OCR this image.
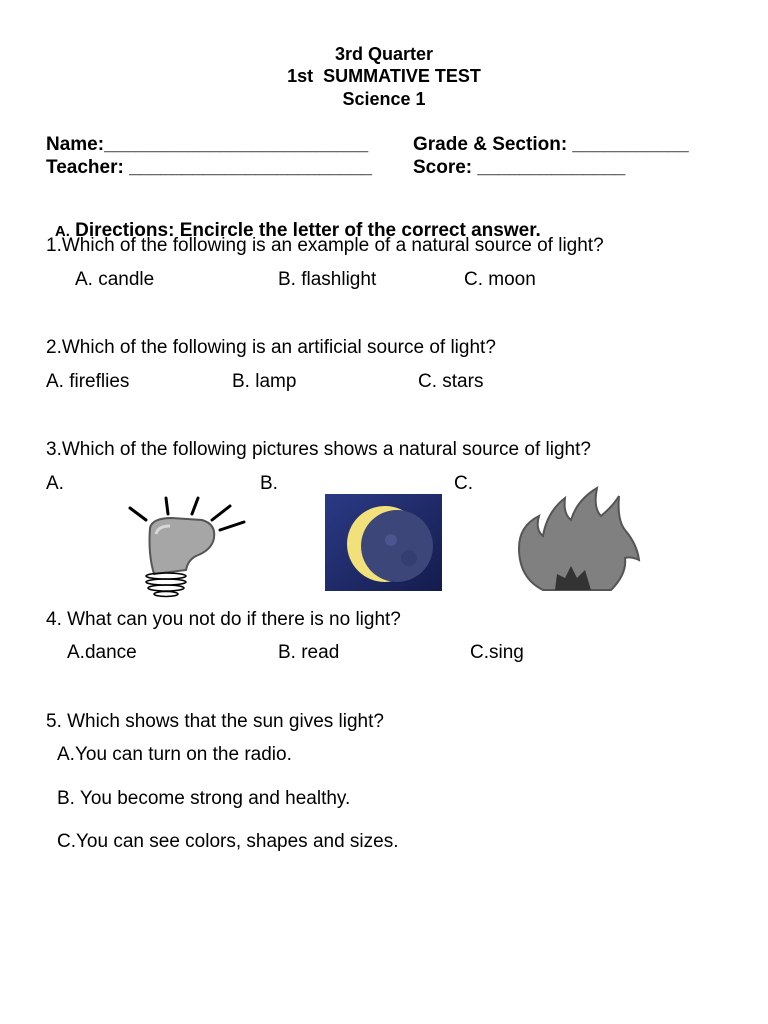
3rd Quarter
1st  SUMMATIVE TEST
Science 1
Name:_________________________ Grade & Section: ___________
Teacher: _______________________ Score: ______________

A. Directions: Encircle the letter of the correct answer.

1.Which of the following is an example of a natural source of light?
A. candle	B. flashlight	C. moon
2.Which of the following is an artificial source of light?
A. fireflies	B. lamp	C. stars
3.Which of the following pictures shows a natural source of light?
A.	B.	C.
4. What can you not do if there is no light?
A.dance	B. read	C.sing
5. Which shows that the sun gives light?
A.You can turn on the radio.
B. You become strong and healthy.
C.You can see colors, shapes and sizes.
